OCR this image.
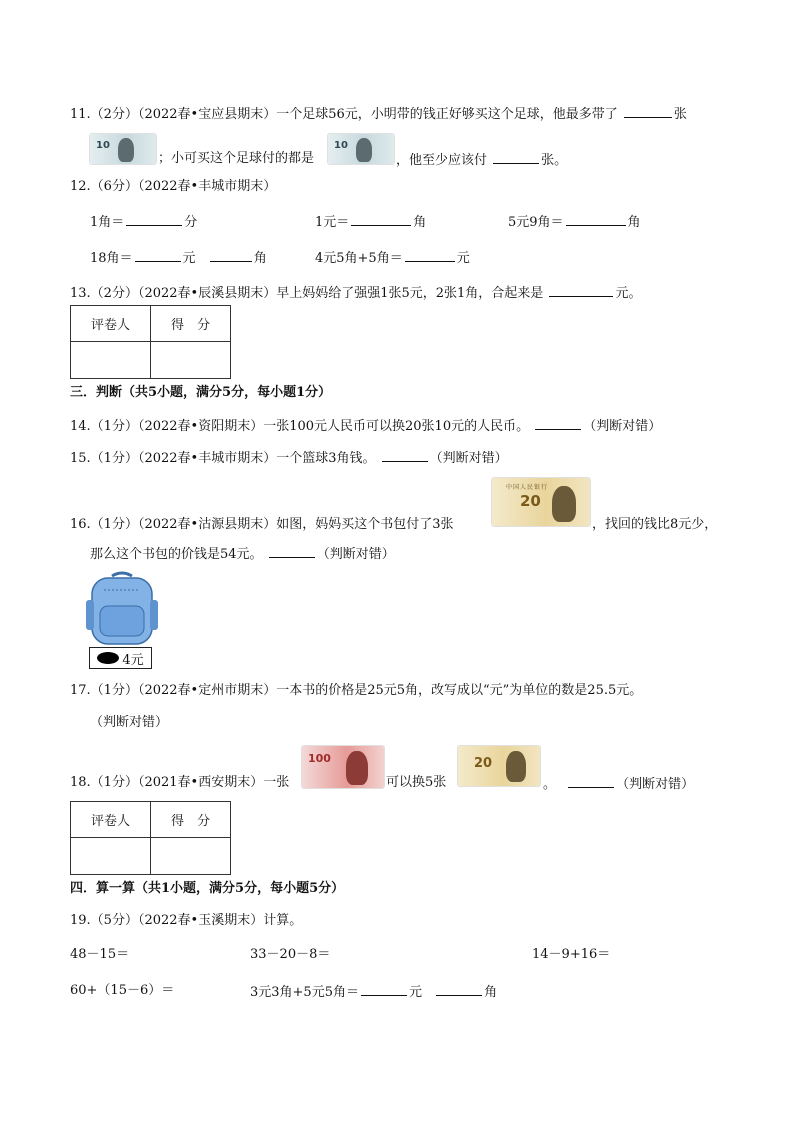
11.（2分）（2022春•宝应县期末）一个足球56元，小明带的钱正好够买这个足球，他最多带了	张
10
；小可买这个足球付的都是
10
，他至少应该付	张。
12.（6分）（2022春•丰城市期末）
1角＝	分	1元＝	角	5元9角＝	角
18角＝	元	角	4元5角+5角＝	元
13.（2分）（2022春•辰溪县期末）早上妈妈给了强强1张5元，2张1角，合起来是	元。
评卷人	得　分

三．判断（共5小题，满分5分，每小题1分）
14.（1分）（2022春•资阳期末）一张100元人民币可以换20张10元的人民币。	（判断对错）
15.（1分）（2022春•丰城市期末）一个篮球3角钱。	（判断对错）
16.（1分）（2022春•沽源县期末）如图，妈妈买这个书包付了3张
中国人民银行
20
，找回的钱比8元少，
那么这个书包的价钱是54元。	（判断对错）
4元
17.（1分）（2022春•定州市期末）一本书的价格是25元5角，改写成以“元”为单位的数是25.5元。
（判断对错）
18.（1分）（2021春•西安期末）一张
100
可以换5张
20
。	（判断对错）
评卷人	得　分

四．算一算（共1小题，满分5分，每小题5分）
19.（5分）（2022春•玉溪期末）计算。
48－15＝	33－20－8＝	14－9+16＝
60+（15－6）＝	3元3角+5元5角＝	元	角
